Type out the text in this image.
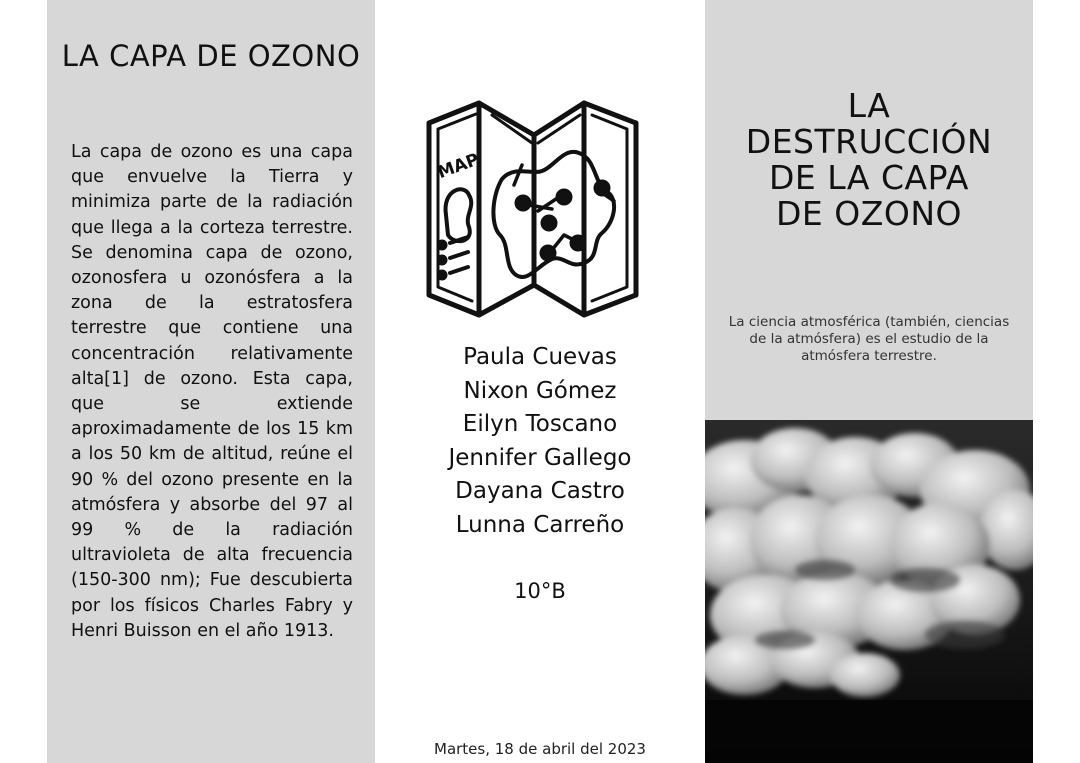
LA CAPA DE OZONO

La capa de ozono es una capa que envuelve la Tierra y minimiza parte de la radiación que llega a la corteza terrestre. Se denomina capa de ozono, ozonosfera u ozonósfera a la zona de la estratosfera terrestre que contiene una concentración relativamente alta[1] de ozono. Esta capa, que se extiende aproximadamente de los 15 km a los 50 km de altitud, reúne el 90 % del ozono presente en la atmósfera y absorbe del 97 al 99 % de la radiación ultravioleta de alta frecuencia (150-300 nm); Fue descubierta por los físicos Charles Fabry y Henri Buisson en el año 1913.

MAP
Paula Cuevas
Nixon Gómez
Eilyn Toscano
Jennifer Gallego
Dayana Castro
Lunna Carreño
10°B
Martes, 18 de abril del 2023
LA
DESTRUCCIÓN
DE LA CAPA
DE OZONO

La ciencia atmosférica (también, ciencias de la atmósfera) es el estudio de la atmósfera terrestre.
